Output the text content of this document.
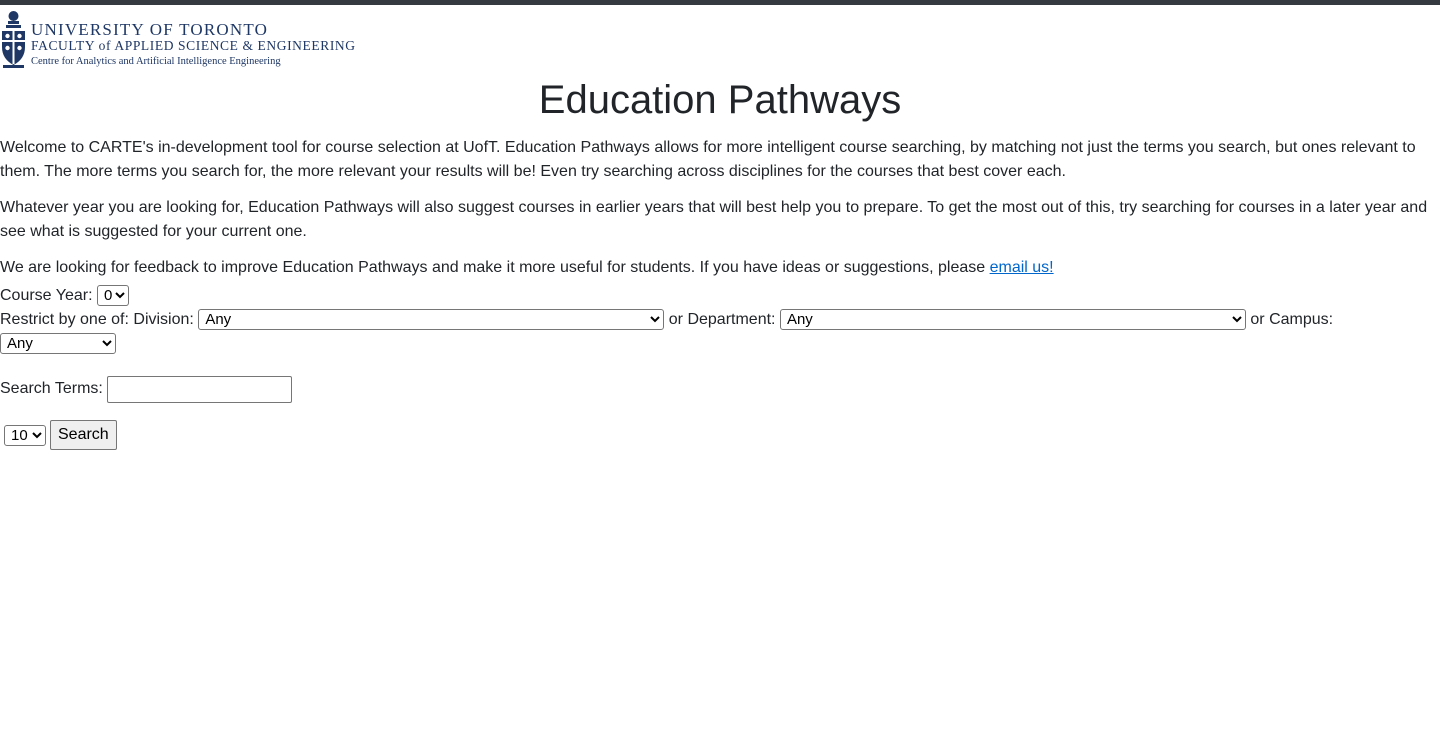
UNIVERSITY OF TORONTO
FACULTY of APPLIED SCIENCE & ENGINEERING
Centre for Analytics and Artificial Intelligence Engineering
Education Pathways

Welcome to CARTE's in-development tool for course selection at UofT. Education Pathways allows for more intelligent course searching, by matching not just the terms you search, but ones relevant to them. The more terms you search for, the more relevant your results will be! Even try searching across disciplines for the courses that best cover each.

Whatever year you are looking for, Education Pathways will also suggest courses in earlier years that will best help you to prepare. To get the most out of this, try searching for courses in a later year and see what is suggested for your current one.

We are looking for feedback to improve Education Pathways and make it more useful for students. If you have ideas or suggestions, please email us!

Course Year:
0
Restrict by one of: Division:
Any	or Department:
Any	or Campus:
Any
Search Terms:
10
Search
